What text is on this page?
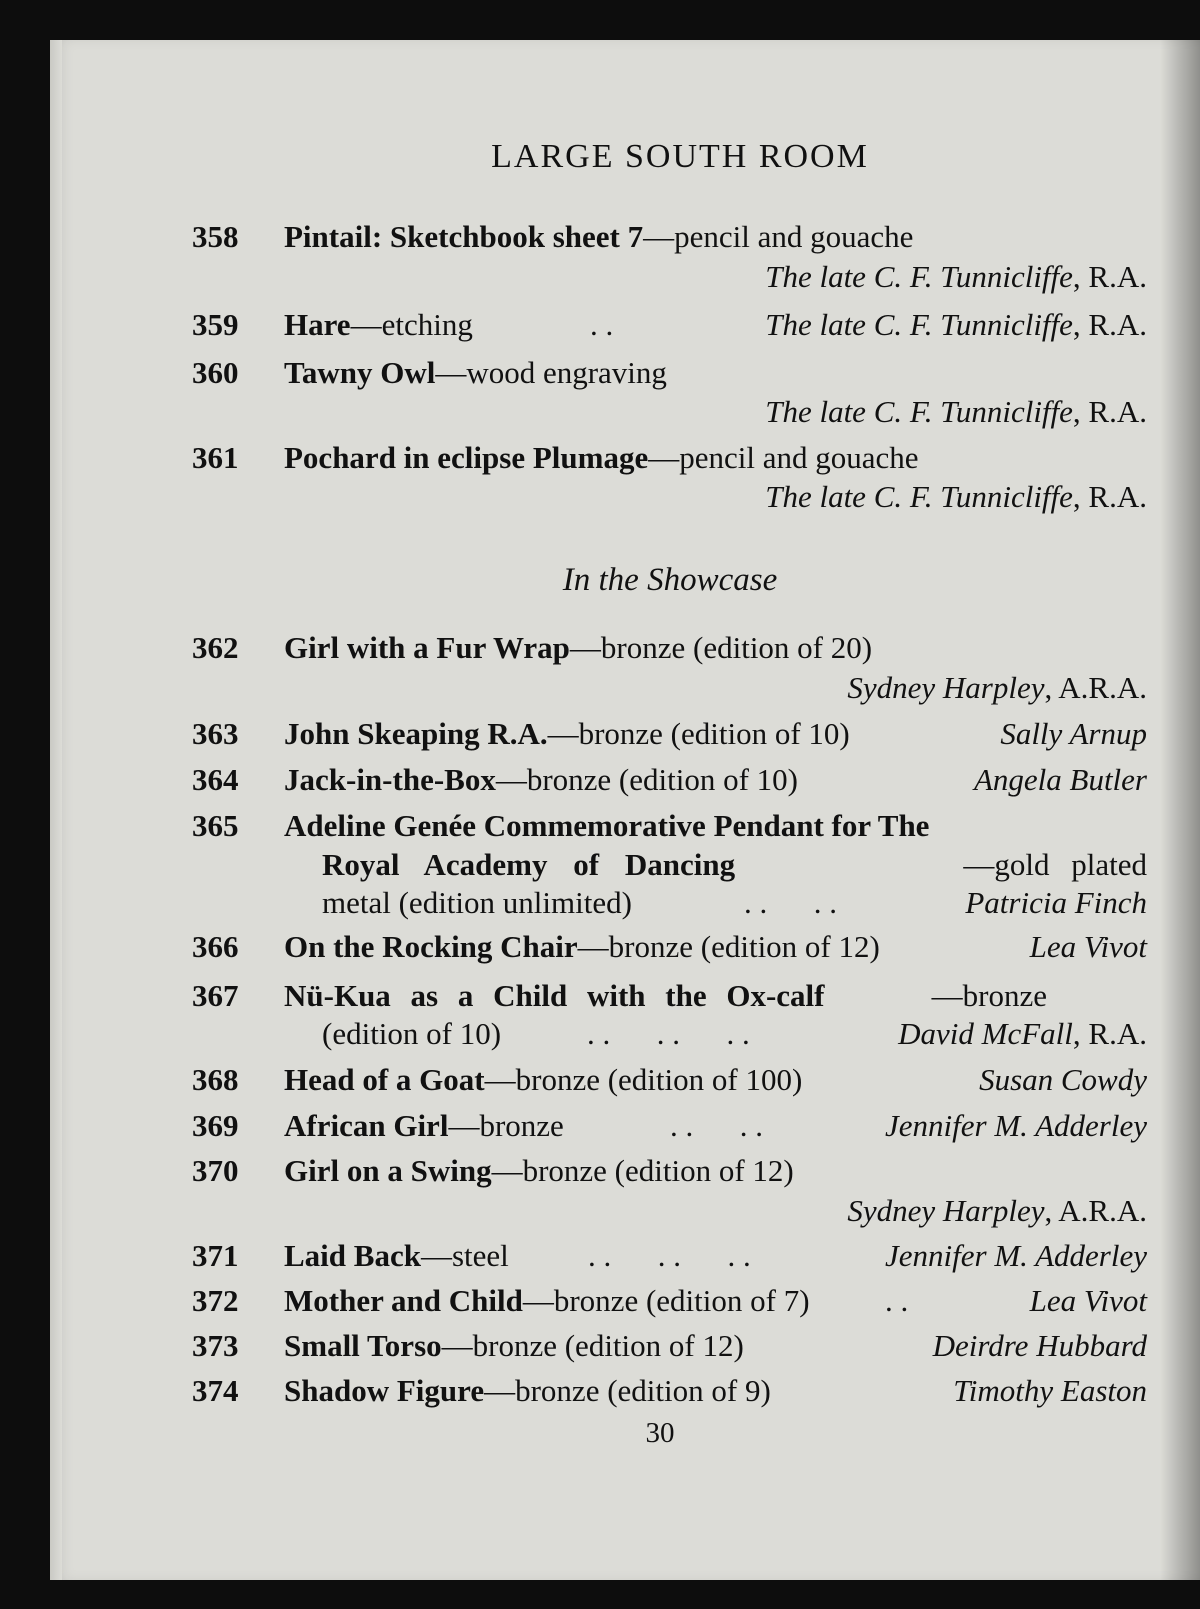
LARGE SOUTH ROOM
358 Pintail: Sketchbook sheet 7—pencil and gouache
The late C. F. Tunnicliffe, R.A.
359 Hare—etching	. .	The late C. F. Tunnicliffe, R.A.
360 Tawny Owl—wood engraving
The late C. F. Tunnicliffe, R.A.
361 Pochard in eclipse Plumage—pencil and gouache
The late C. F. Tunnicliffe, R.A.
In the Showcase
362 Girl with a Fur Wrap—bronze (edition of 20)
Sydney Harpley, A.R.A.
363 John Skeaping R.A.—bronze (edition of 10)	Sally Arnup
364 Jack-in-the-Box—bronze (edition of 10)	Angela Butler
365 Adeline Genée Commemorative Pendant for The
Royal Academy of Dancing	—gold plated
metal (edition unlimited)	. .      . .	Patricia Finch
366 On the Rocking Chair—bronze (edition of 12)	Lea Vivot
367 Nü-Kua as a Child with the Ox-calf	—bronze
(edition of 10)	. .      . .      . .	David McFall, R.A.
368 Head of a Goat—bronze (edition of 100)	Susan Cowdy
369 African Girl—bronze	. .      . .	Jennifer M. Adderley
370 Girl on a Swing—bronze (edition of 12)
Sydney Harpley, A.R.A.
371 Laid Back—steel	. .      . .      . .	Jennifer M. Adderley
372 Mother and Child—bronze (edition of 7) . .	Lea Vivot
373 Small Torso—bronze (edition of 12)	Deirdre Hubbard
374 Shadow Figure—bronze (edition of 9)	Timothy Easton
30
